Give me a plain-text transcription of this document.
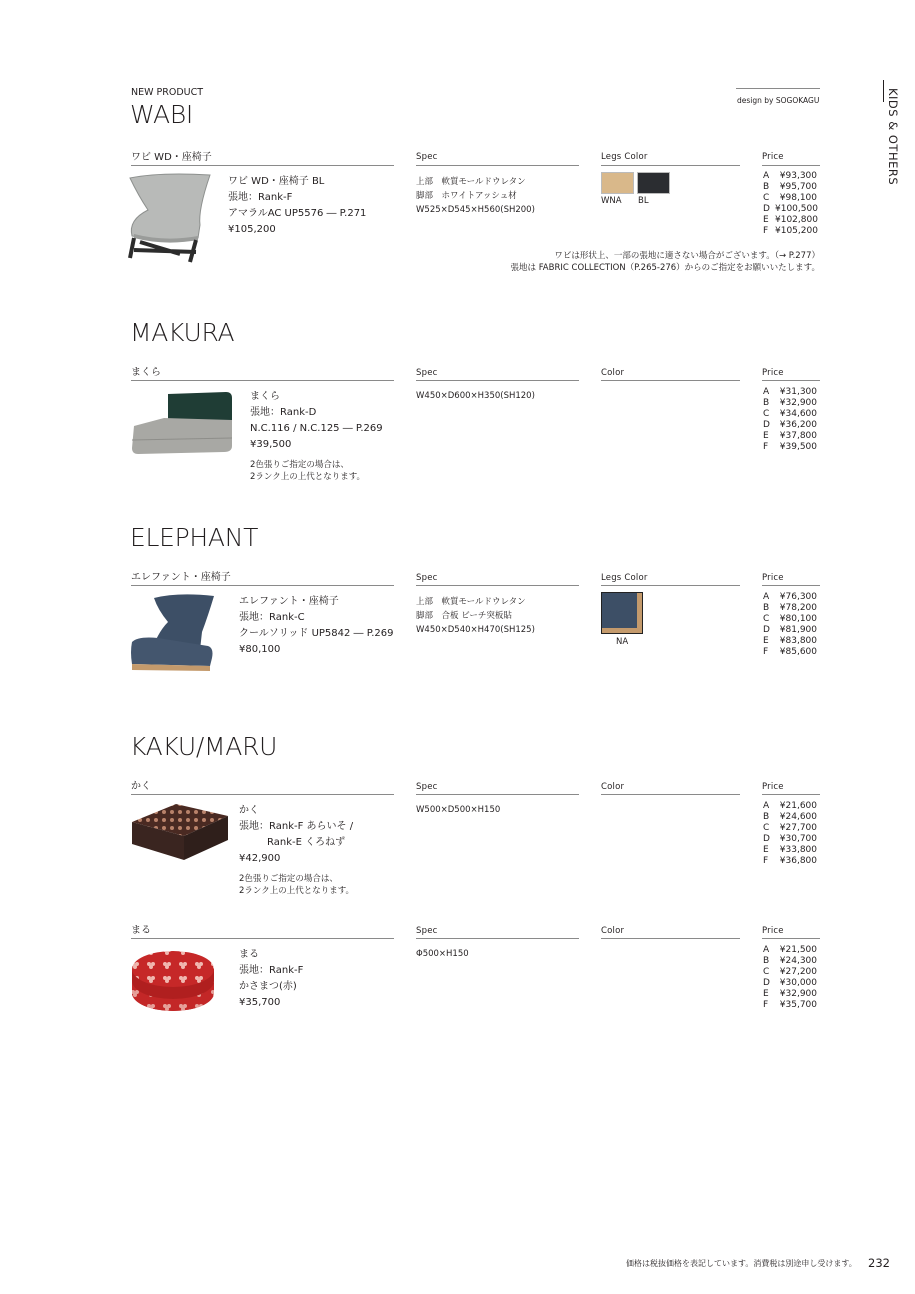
NEW PRODUCT
WABI	design by SOGOKAGU	KIDS & OTHERS
ワビ WD・座椅子	Spec	Legs Color	Price
ワビ WD・座椅子 BL
張地：Rank-F
アマラルAC UP5576 ― P.271
¥105,200
上部　軟質モールドウレタン
脚部　ホワイトアッシュ材
W525×D545×H560(SH200)
WNA BL
A	¥93,300
B	¥95,700
C	¥98,100
D ¥100,500
E ¥102,800
F ¥105,200
ワビは形状上、一部の張地に適さない場合がございます。（→ P.277）
張地は FABRIC COLLECTION（P.265-276）からのご指定をお願いいたします。
MAKURA
まくら	Spec	Color	Price
まくら
張地：Rank-D
N.C.116 / N.C.125 ― P.269
¥39,500
2色張りご指定の場合は、
2ランク上の上代となります。
W450×D600×H350(SH120)	A	¥31,300
B	¥32,900
C	¥34,600
D	¥36,200
E	¥37,800
F	¥39,500
ELEPHANT
エレファント・座椅子	Spec	Legs Color	Price
エレファント・座椅子
張地：Rank-C
クールソリッド UP5842 ― P.269
¥80,100
上部　軟質モールドウレタン
脚部　合板 ビーチ突板貼
W450×D540×H470(SH125)
NA
A	¥76,300
B	¥78,200
C	¥80,100
D	¥81,900
E	¥83,800
F	¥85,600
KAKU/MARU
かく	Spec	Color	Price
かく
張地：Rank-F あらいそ /
Rank-E くろねず
¥42,900
2色張りご指定の場合は、
2ランク上の上代となります。
W500×D500×H150	A	¥21,600
B	¥24,600
C	¥27,700
D	¥30,700
E	¥33,800
F	¥36,800
まる	Spec	Color	Price
まる
張地：Rank-F
かさまつ(赤)
¥35,700
Φ500×H150	A	¥21,500
B	¥24,300
C	¥27,200
D	¥30,000
E	¥32,900
F	¥35,700
価格は税抜価格を表記しています。消費税は別途申し受けます。 232
